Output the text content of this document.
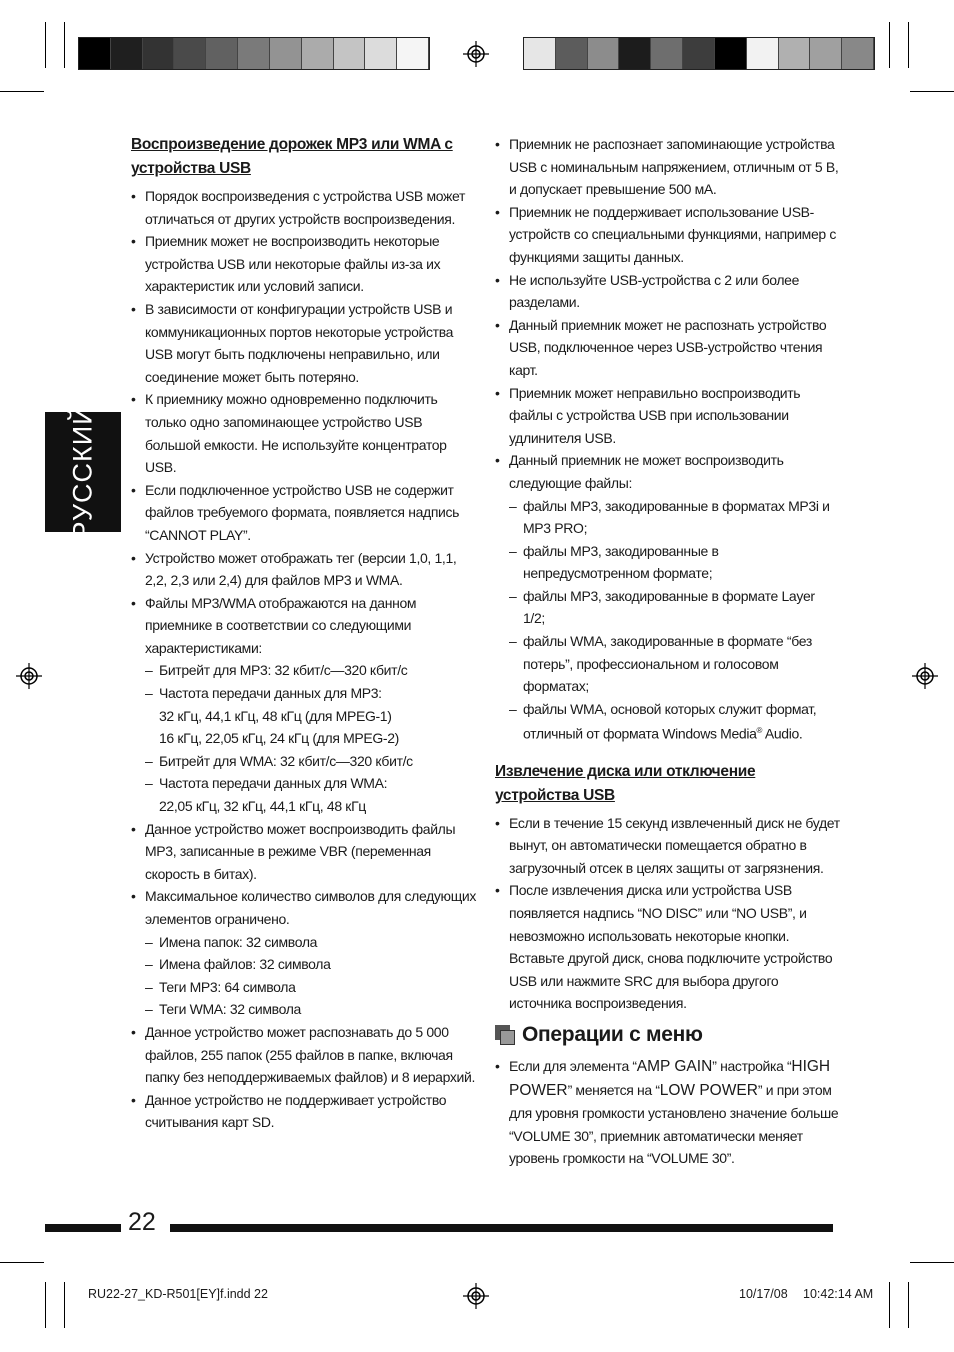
РУССКИЙ
Воспроизведение дорожек MP3 или WMA с
устройства USB
• Порядок воспроизведения с устройства USB может отличаться от других устройств воспроизведения.
• Приемник может не воспроизводить некоторые устройства USB или некоторые файлы из-за их характеристик или условий записи.
• В зависимости от конфигурации устройств USB и коммуникационных портов некоторые устройства USB могут быть подключены неправильно, или соединение может быть потеряно.
• К приемнику можно одновременно подключить только одно запоминающее устройство USB большой емкости. Не используйте концентратор USB.
• Если подключенное устройство USB не содержит файлов требуемого формата, появляется надпись “CANNOT PLAY”.
• Устройство может отображать тег (версии 1,0, 1,1, 2,2, 2,3 или 2,4) для файлов MP3 и WMA.
• Файлы MP3/WMA отображаются на данном приемнике в соответствии со следующими характеристиками:
– Битрейт для MP3: 32 кбит/с—320 кбит/с
– Частота передачи данных для MP3:
32 кГц, 44,1 кГц, 48 кГц (для MPEG-1)
16 кГц, 22,05 кГц, 24 кГц (для MPEG-2)
– Битрейт для WMA: 32 кбит/с—320 кбит/с
– Частота передачи данных для WMA:
22,05 кГц, 32 кГц, 44,1 кГц, 48 кГц
• Данное устройство может воспроизводить файлы MP3, записанные в режиме VBR (переменная скорость в битах).
• Максимальное количество символов для следующих элементов ограничено.
– Имена папок: 32 символа
– Имена файлов: 32 символа
– Теги MP3: 64 символа
– Теги WMA: 32 символа
• Данное устройство может распознавать до 5 000 файлов, 255 папок (255 файлов в папке, включая папку без неподдерживаемых файлов) и 8 иерархий.
• Данное устройство не поддерживает устройство считывания карт SD.
• Приемник не распознает запоминающие устройства USB с номинальным напряжением, отличным от 5 В, и допускает превышение 500 мА.
• Приемник не поддерживает использование USB-устройств со специальными функциями, например с функциями защиты данных.
• Не используйте USB-устройства с 2 или более разделами.
• Данный приемник может не распознать устройство USB, подключенное через USB-устройство чтения карт.
• Приемник может неправильно воспроизводить файлы с устройства USB при использовании удлинителя USB.
• Данный приемник не может воспроизводить следующие файлы:
– файлы MP3, закодированные в форматах MP3i и MP3 PRO;
– файлы MP3, закодированные в непредусмотренном формате;
– файлы MP3, закодированные в формате Layer 1/2;
– файлы WMA, закодированные в формате “без потерь”, профессиональном и голосовом форматах;
– файлы WMA, основой которых служит формат, отличный от формата Windows Media® Audio.
Извлечение диска или отключение
устройства USB
• Если в течение 15 секунд извлеченный диск не будет вынут, он автоматически помещается обратно в загрузочный отсек в целях защиты от загрязнения.
• После извлечения диска или устройства USB появляется надпись “NO DISC” или “NO USB”, и невозможно использовать некоторые кнопки. Вставьте другой диск, снова подключите устройство USB или нажмите SRC для выбора другого источника воспроизведения.
Операции с меню
• Если для элемента “AMP GAIN” настройка “HIGH POWER” меняется на “LOW POWER” и при этом для уровня громкости установлено значение больше “VOLUME 30”, приемник автоматически меняет уровень громкости на “VOLUME 30”.
22
RU22-27_KD-R501[EY]f.indd 22	10/17/08 10:42:14 AM
